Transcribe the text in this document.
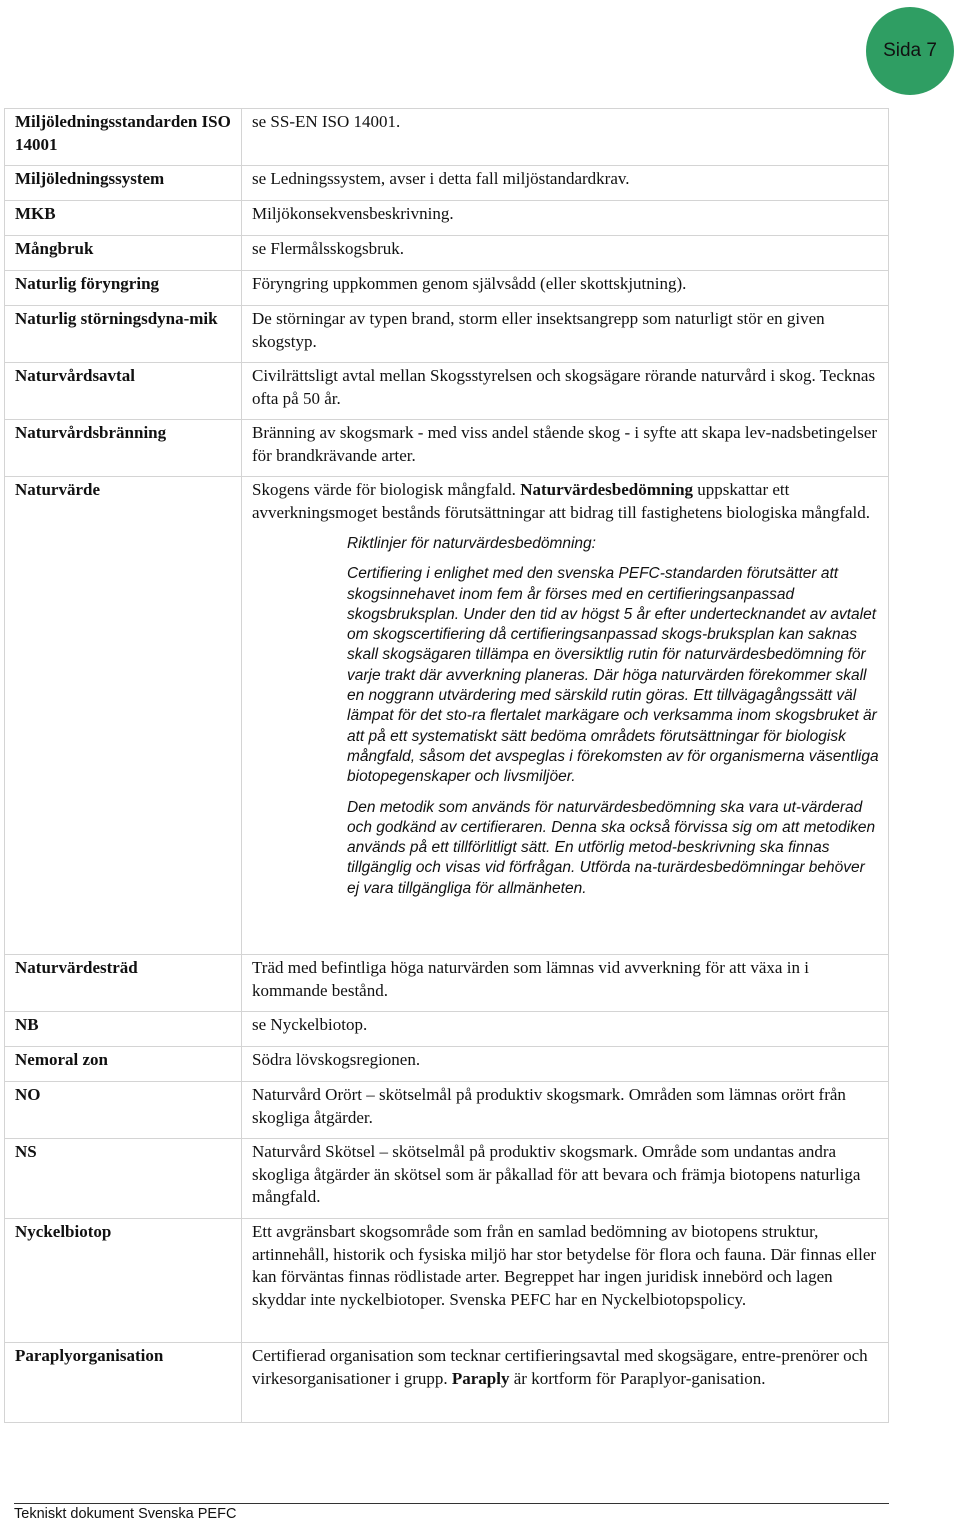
Sida 7
Miljöledningsstandarden ISO 14001	se SS-EN ISO 14001.
Miljöledningssystem	se Ledningssystem, avser i detta fall miljöstandardkrav.
MKB	Miljökonsekvensbeskrivning.
Mångbruk	se Flermålsskogsbruk.
Naturlig föryngring	Föryngring uppkommen genom självsådd (eller skottskjutning).
Naturlig störningsdyna-mik	De störningar av typen brand, storm eller insektsangrepp som naturligt stör en given skogstyp.
Naturvårdsavtal	Civilrättsligt avtal mellan Skogsstyrelsen och skogsägare rörande naturvård i skog. Tecknas ofta på 50 år.
Naturvårdsbränning	Bränning av skogsmark - med viss andel stående skog - i syfte att skapa lev-nadsbetingelser för brandkrävande arter.
Naturvärde	Skogens värde för biologisk mångfald. Naturvärdesbedömning uppskattar ett avverkningsmoget bestånds förutsättningar att bidrag till fastighetens biologiska mångfald.

Riktlinjer för naturvärdesbedömning:

Certifiering i enlighet med den svenska PEFC-standarden förutsätter att skogsinnehavet inom fem år förses med en certifieringsanpassad skogsbruksplan. Under den tid av högst 5 år efter undertecknandet av avtalet om skogscertifiering då certifieringsanpassad skogs-bruksplan kan saknas skall skogsägaren tillämpa en översiktlig rutin för naturvärdesbedömning för varje trakt där avverkning planeras. Där höga naturvärden förekommer skall en noggrann utvärdering med särskild rutin göras. Ett tillvägagångssätt väl lämpat för det sto-ra flertalet markägare och verksamma inom skogsbruket är att på ett systematiskt sätt bedöma områdets förutsättningar för biologisk mångfald, såsom det avspeglas i förekomsten av för organismerna väsentliga biotopegenskaper och livsmiljöer.

Den metodik som används för naturvärdesbedömning ska vara ut-värderad och godkänd av certifieraren. Denna ska också förvissa sig om att metodiken används på ett tillförlitligt sätt. En utförlig metod-beskrivning ska finnas tillgänglig och visas vid förfrågan. Utförda na-turärdesbedömningar behöver ej vara tillgängliga för allmänheten.

Naturvärdesträd	Träd med befintliga höga naturvärden som lämnas vid avverkning för att växa in i kommande bestånd.
NB	se Nyckelbiotop.
Nemoral zon	Södra lövskogsregionen.
NO	Naturvård Orört – skötselmål på produktiv skogsmark. Områden som lämnas orört från skogliga åtgärder.
NS	Naturvård Skötsel – skötselmål på produktiv skogsmark. Område som undantas andra skogliga åtgärder än skötsel som är påkallad för att bevara och främja biotopens naturliga mångfald.
Nyckelbiotop	Ett avgränsbart skogsområde som från en samlad bedömning av biotopens struktur, artinnehåll, historik och fysiska miljö har stor betydelse för flora och fauna. Där finnas eller kan förväntas finnas rödlistade arter. Begreppet har ingen juridisk innebörd och lagen skyddar inte nyckelbiotoper. Svenska PEFC har en Nyckelbiotopspolicy.
Paraplyorganisation	Certifierad organisation som tecknar certifieringsavtal med skogsägare, entre-prenörer och virkesorganisationer i grupp. Paraply är kortform för Paraplyor-ganisation.
Tekniskt dokument Svenska PEFC
